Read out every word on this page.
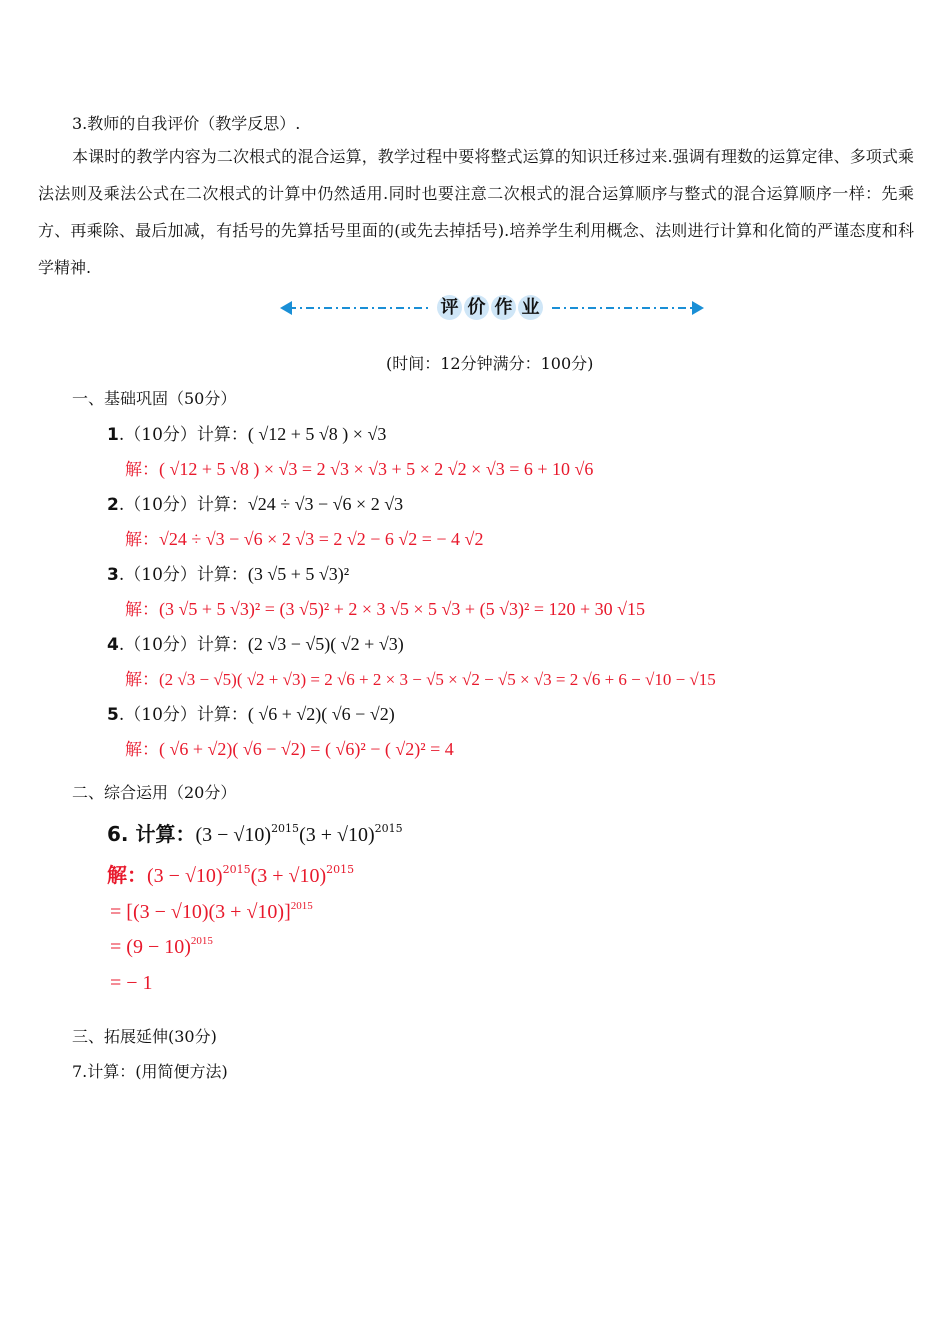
3.教师的自我评价（教学反思）.
本课时的教学内容为二次根式的混合运算，教学过程中要将整式运算的知识迁移过来.强调有理数的运算定律、多项式乘法法则及乘法公式在二次根式的计算中仍然适用.同时也要注意二次根式的混合运算顺序与整式的混合运算顺序一样：先乘方、再乘除、最后加减，有括号的先算括号里面的(或先去掉括号).培养学生利用概念、法则进行计算和化简的严谨态度和科学精神.
评 价 作 业
(时间：12分钟满分：100分)
一、基础巩固（50分）
1.（10分）计算：( √12 + 5 √8 ) × √3
解：( √12 + 5 √8 ) × √3 = 2 √3 × √3 + 5 × 2 √2 × √3 = 6 + 10 √6
2.（10分）计算：√24 ÷ √3 − √6 × 2 √3
解：√24 ÷ √3 − √6 × 2 √3 = 2 √2 − 6 √2 = − 4 √2
3.（10分）计算：(3 √5 + 5 √3)²
解：(3 √5 + 5 √3)² = (3 √5)² + 2 × 3 √5 × 5 √3 + (5 √3)² = 120 + 30 √15
4.（10分）计算：(2 √3 − √5)( √2 + √3)
解：(2 √3 − √5)( √2 + √3) = 2 √6 + 2 × 3 − √5 × √2 − √5 × √3 = 2 √6 + 6 − √10 − √15
5.（10分）计算：( √6 + √2)( √6 − √2)
解：( √6 + √2)( √6 − √2) = ( √6)² − ( √2)² = 4
二、综合运用（20分）
6. 计算：$(3 - √10)^{2015}(3 + √10)^{2015}$
解：$(3 - √10)^{2015}(3 + √10)^{2015}$
= $[(3 - √10)(3 + √10)]^{2015}$
= $(9 - 10)^{2015}$
= − 1
三、拓展延伸(30分)
7.计算：(用简便方法)
